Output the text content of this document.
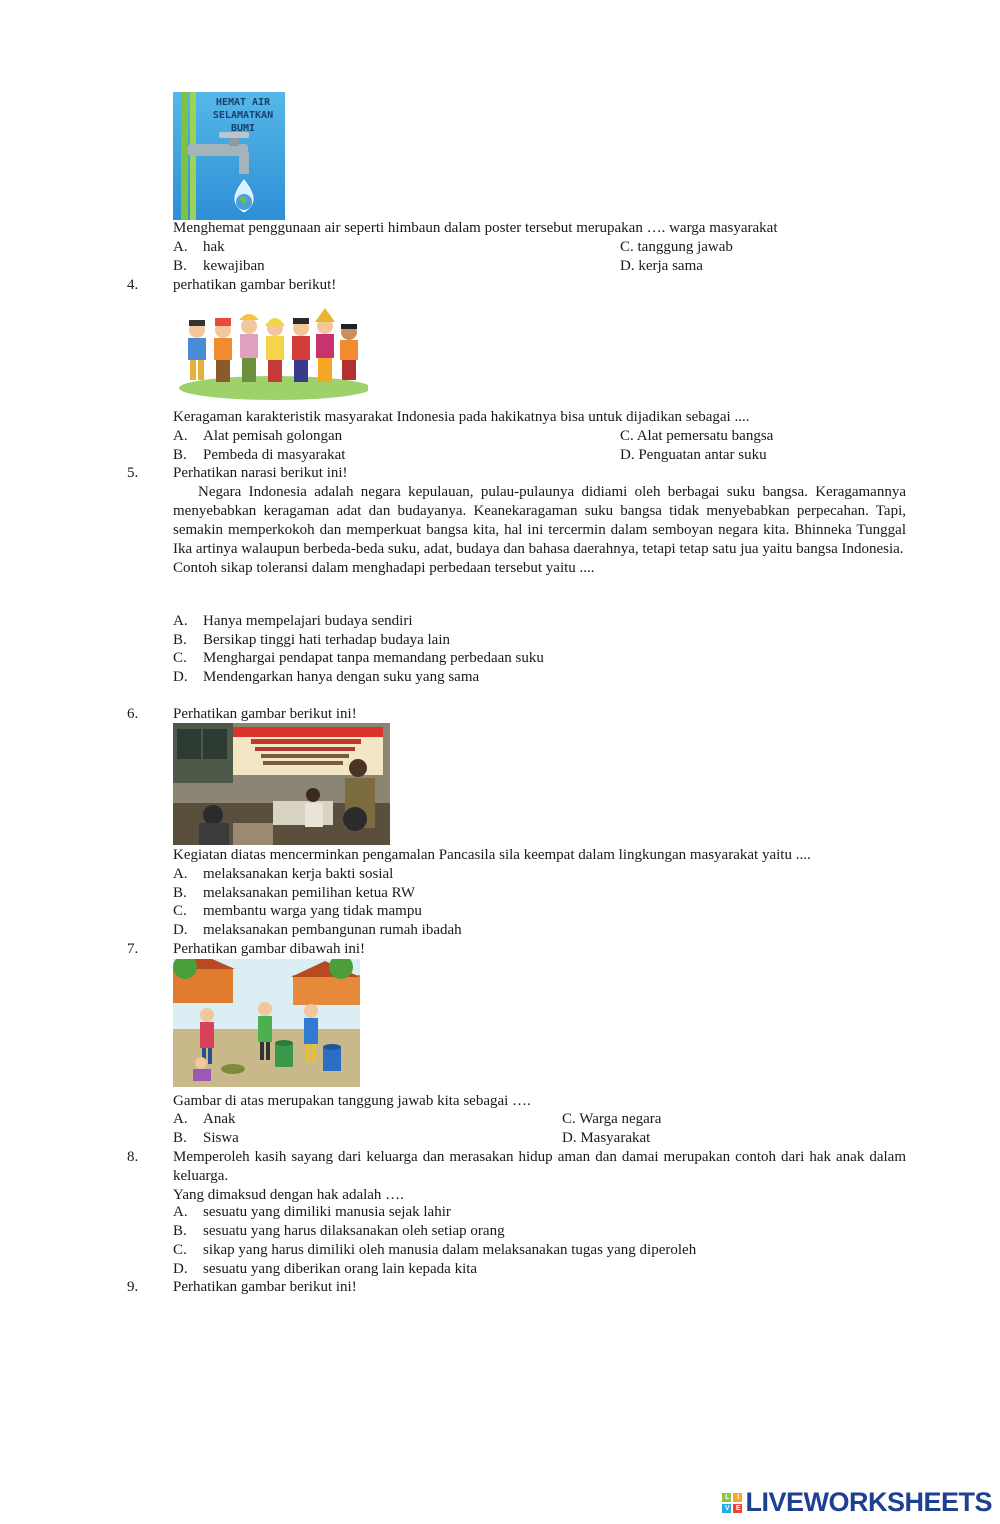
HEMAT AIR
SELAMATKAN
BUMI
Menghemat penggunaan air seperti himbaun dalam poster tersebut merupakan …. warga masyarakat
A. hak	C. tanggung jawab
B. kewajiban	D. kerja sama
4. perhatikan gambar berikut!
Keragaman karakteristik masyarakat Indonesia pada hakikatnya bisa untuk dijadikan sebagai ....
A. Alat pemisah golongan	C. Alat pemersatu bangsa
B. Pembeda di masyarakat	D. Penguatan antar suku
5. Perhatikan narasi berikut ini!

Negara Indonesia adalah negara kepulauan, pulau-pulaunya didiami oleh berbagai suku bangsa. Keragamannya menyebabkan keragaman adat dan budayanya. Keanekaragaman suku bangsa tidak menyebabkan perpecahan. Tapi, semakin memperkokoh dan memperkuat bangsa kita, hal ini tercermin dalam semboyan negara kita. Bhinneka Tunggal Ika artinya walaupun berbeda-beda suku, adat, budaya dan bahasa daerahnya, tetapi tetap satu jua yaitu bangsa Indonesia.

Contoh sikap toleransi dalam menghadapi perbedaan tersebut yaitu ....

A. Hanya mempelajari budaya sendiri
B. Bersikap tinggi hati terhadap budaya lain
C. Menghargai pendapat tanpa memandang perbedaan suku
D. Mendengarkan hanya dengan suku yang sama
6. Perhatikan gambar berikut ini!
Kegiatan diatas mencerminkan pengamalan Pancasila sila keempat dalam lingkungan masyarakat yaitu ....
A. melaksanakan kerja bakti sosial
B. melaksanakan pemilihan ketua RW
C. membantu warga yang tidak mampu
D. melaksanakan pembangunan rumah ibadah
7. Perhatikan gambar dibawah ini!
Gambar di atas merupakan tanggung jawab kita sebagai ….
A. Anak	C. Warga negara
B. Siswa	D. Masyarakat
8. Memperoleh kasih sayang dari keluarga dan merasakan hidup aman dan damai merupakan contoh dari hak anak dalam keluarga.

Yang dimaksud dengan hak adalah ….

A. sesuatu yang dimiliki manusia sejak lahir
B. sesuatu yang harus dilaksanakan oleh setiap orang
C. sikap yang harus dimiliki oleh manusia dalam melaksanakan tugas yang diperoleh
D. sesuatu yang diberikan orang lain kepada kita
9. Perhatikan gambar berikut ini!
L	I
V E LIVEWORKSHEETS
